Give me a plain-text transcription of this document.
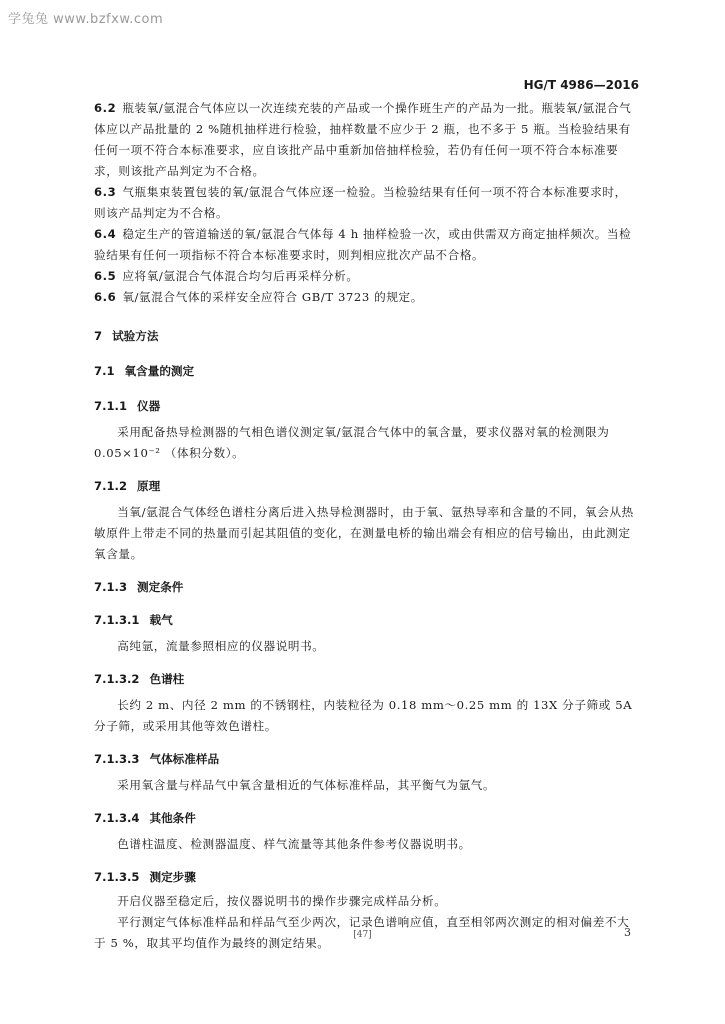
学兔兔 www.bzfxw.com
HG/T 4986—2016

6.2 瓶装氧/氩混合气体应以一次连续充装的产品或一个操作班生产的产品为一批。瓶装氧/氩混合气体应以产品批量的 2 %随机抽样进行检验，抽样数量不应少于 2 瓶，也不多于 5 瓶。当检验结果有任何一项不符合本标准要求，应自该批产品中重新加倍抽样检验，若仍有任何一项不符合本标准要求，则该批产品判定为不合格。

6.3 气瓶集束装置包装的氧/氩混合气体应逐一检验。当检验结果有任何一项不符合本标准要求时，则该产品判定为不合格。

6.4 稳定生产的管道输送的氧/氩混合气体每 4 h 抽样检验一次，或由供需双方商定抽样频次。当检验结果有任何一项指标不符合本标准要求时，则判相应批次产品不合格。

6.5 应将氧/氩混合气体混合均匀后再采样分析。

6.6 氧/氩混合气体的采样安全应符合 GB/T 3723 的规定。

7 试验方法

7.1 氧含量的测定

7.1.1 仪器

采用配备热导检测器的气相色谱仪测定氧/氩混合气体中的氧含量，要求仪器对氧的检测限为 0.05×10⁻² （体积分数）。

7.1.2 原理

当氧/氩混合气体经色谱柱分离后进入热导检测器时，由于氧、氩热导率和含量的不同，氧会从热敏原件上带走不同的热量而引起其阻值的变化，在测量电桥的输出端会有相应的信号输出，由此测定氧含量。

7.1.3 测定条件

7.1.3.1 载气

高纯氩，流量参照相应的仪器说明书。

7.1.3.2 色谱柱

长约 2 m、内径 2 mm 的不锈钢柱，内装粒径为 0.18 mm～0.25 mm 的 13X 分子筛或 5A 分子筛，或采用其他等效色谱柱。

7.1.3.3 气体标准样品

采用氧含量与样品气中氧含量相近的气体标准样品，其平衡气为氩气。

7.1.3.4 其他条件

色谱柱温度、检测器温度、样气流量等其他条件参考仪器说明书。

7.1.3.5 测定步骤

开启仪器至稳定后，按仪器说明书的操作步骤完成样品分析。

平行测定气体标准样品和样品气至少两次，记录色谱响应值，直至相邻两次测定的相对偏差不大于 5 %，取其平均值作为最终的测定结果。

[47]	3
